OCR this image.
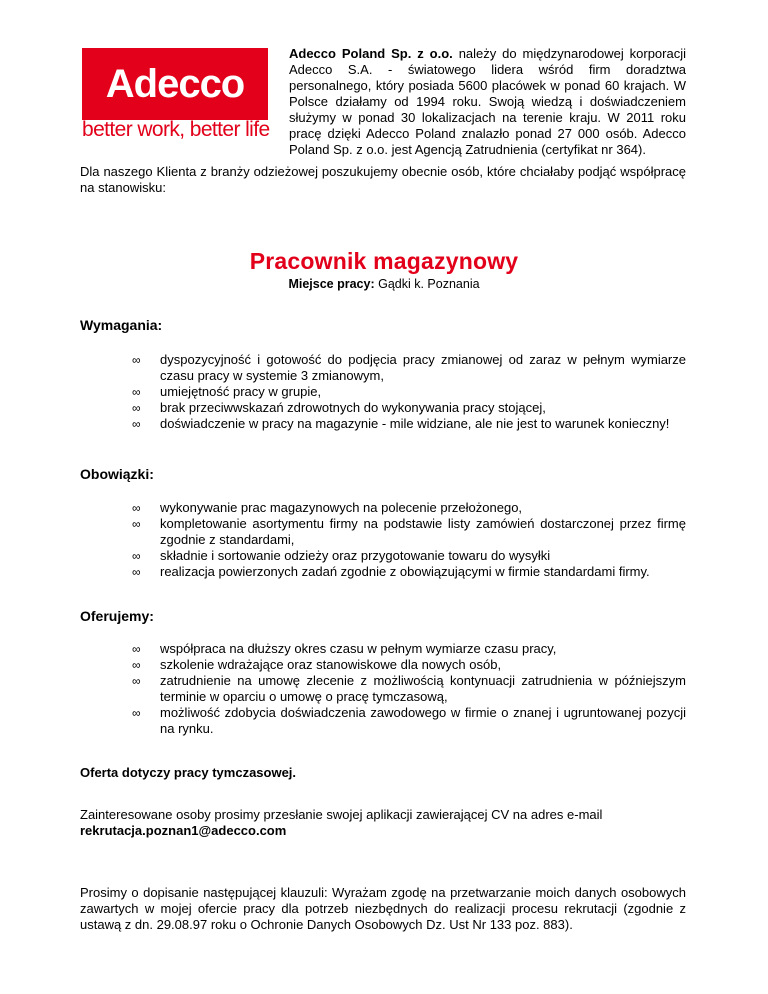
Adecco
better work, better life
Adecco Poland Sp. z o.o. należy do międzynarodowej korporacji Adecco S.A. - światowego lidera wśród firm doradztwa personalnego, który posiada 5600 placówek w ponad 60 krajach. W Polsce działamy od 1994 roku. Swoją wiedzą i doświadczeniem służymy w ponad 30 lokalizacjach na terenie kraju. W 2011 roku pracę dzięki Adecco Poland znalazło ponad 27 000 osób. Adecco Poland Sp. z o.o. jest Agencją Zatrudnienia (certyfikat nr 364).
Dla naszego Klienta z branży odzieżowej poszukujemy obecnie osób, które chciałaby podjąć współpracę na stanowisku:
Pracownik magazynowy
Miejsce pracy: Gądki k. Poznania
Wymagania:
∞ dyspozycyjność i gotowość do podjęcia pracy zmianowej od zaraz w pełnym wymiarze czasu pracy w systemie 3 zmianowym,
∞ umiejętność pracy w grupie,
∞ brak przeciwwskazań zdrowotnych do wykonywania pracy stojącej,
∞ doświadczenie w pracy na magazynie - mile widziane, ale nie jest to warunek konieczny!
Obowiązki:
∞ wykonywanie prac magazynowych na polecenie przełożonego,
∞ kompletowanie asortymentu firmy na podstawie listy zamówień dostarczonej przez firmę zgodnie z standardami,
∞ składnie i sortowanie odzieży oraz przygotowanie towaru do wysyłki
∞ realizacja powierzonych zadań zgodnie z obowiązującymi w firmie standardami firmy.
Oferujemy:
∞ współpraca na dłuższy okres czasu w pełnym wymiarze czasu pracy,
∞ szkolenie wdrażające oraz stanowiskowe dla nowych osób,
∞ zatrudnienie na umowę zlecenie z możliwością kontynuacji zatrudnienia w późniejszym terminie w oparciu o umowę o pracę tymczasową,
∞ możliwość zdobycia doświadczenia zawodowego w firmie o znanej i ugruntowanej pozycji na rynku.
Oferta dotyczy pracy tymczasowej.
Zainteresowane osoby prosimy przesłanie swojej aplikacji zawierającej CV na adres e-mail
rekrutacja.poznan1@adecco.com
Prosimy o dopisanie następującej klauzuli: Wyrażam zgodę na przetwarzanie moich danych osobowych zawartych w mojej ofercie pracy dla potrzeb niezbędnych do realizacji procesu rekrutacji (zgodnie z ustawą z dn. 29.08.97 roku o Ochronie Danych Osobowych Dz. Ust Nr 133 poz. 883).
